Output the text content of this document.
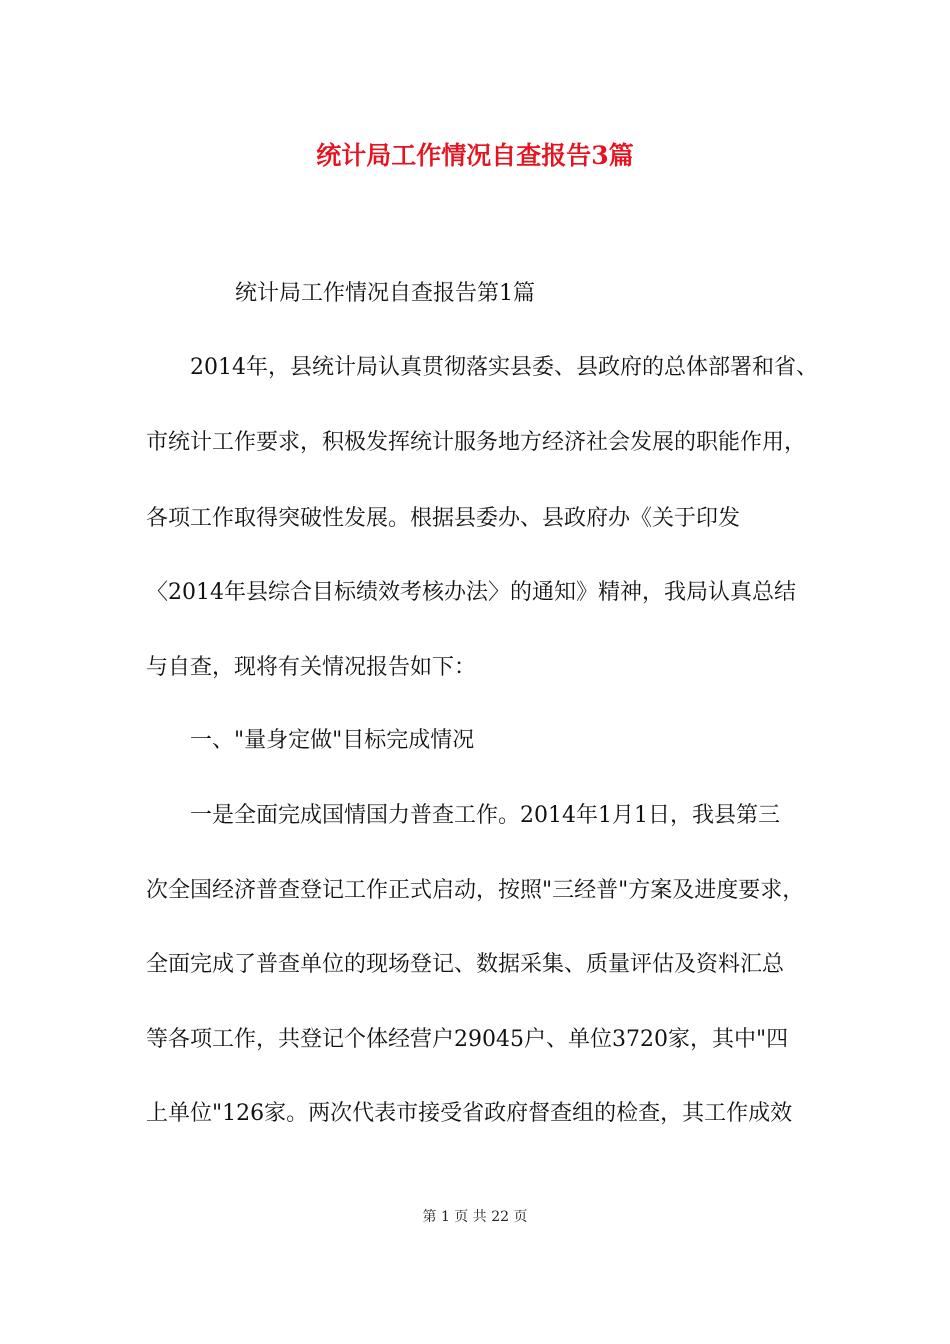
统计局工作情况自查报告3篇

统计局工作情况自查报告第1篇

2014年，县统计局认真贯彻落实县委、县政府的总体部署和省、

市统计工作要求，积极发挥统计服务地方经济社会发展的职能作用，

各项工作取得突破性发展。根据县委办、县政府办《关于印发

〈2014年县综合目标绩效考核办法〉的通知》精神，我局认真总结

与自查，现将有关情况报告如下：

一、"量身定做"目标完成情况

一是全面完成国情国力普查工作。2014年1月1日，我县第三

次全国经济普查登记工作正式启动，按照"三经普"方案及进度要求，

全面完成了普查单位的现场登记、数据采集、质量评估及资料汇总

等各项工作，共登记个体经营户29045户、单位3720家，其中"四

上单位"126家。两次代表市接受省政府督查组的检查，其工作成效

第 1 页 共 22 页
